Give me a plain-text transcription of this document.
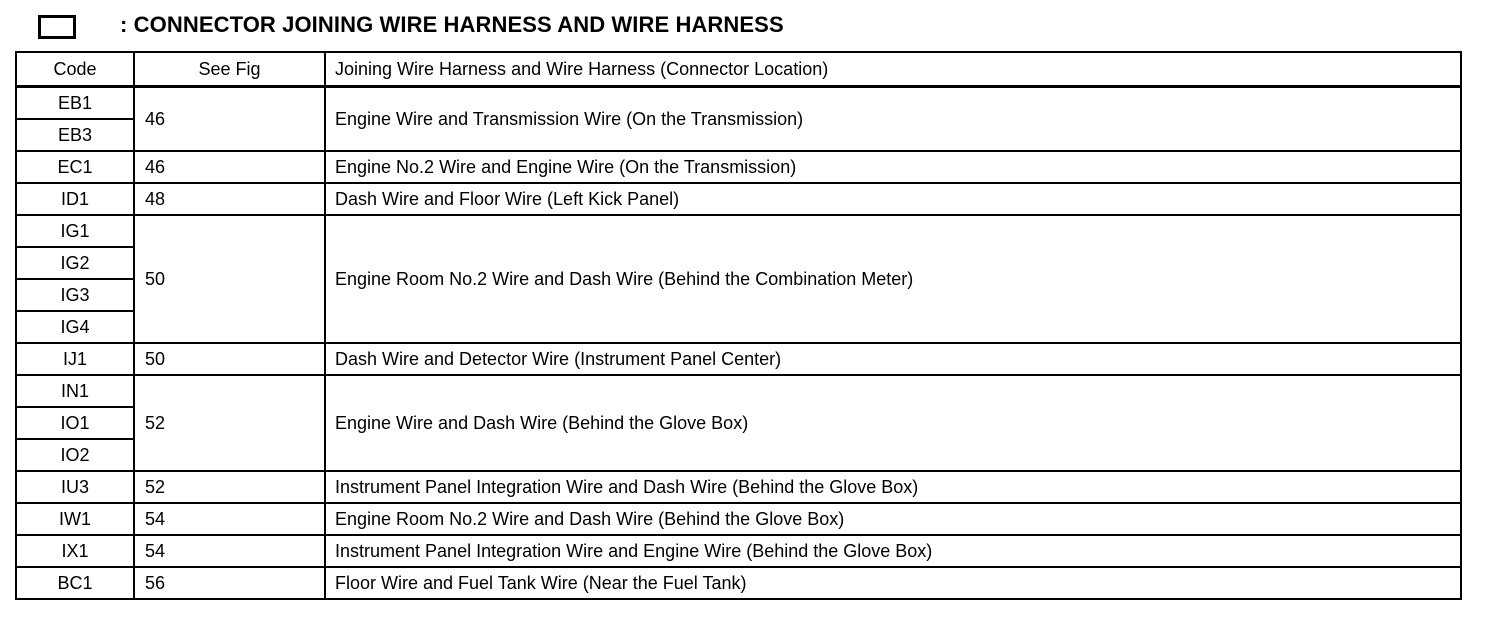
: CONNECTOR JOINING WIRE HARNESS AND WIRE HARNESS
Code	See Fig	Joining Wire Harness and Wire Harness (Connector Location)
EB1	46	Engine Wire and Transmission Wire (On the Transmission)
EB3		
EC1	46	Engine No.2 Wire and Engine Wire (On the Transmission)
ID1	48	Dash Wire and Floor Wire (Left Kick Panel)
IG1	50	Engine Room No.2 Wire and Dash Wire (Behind the Combination Meter)
IG2		
IG3		
IG4		
IJ1	50	Dash Wire and Detector Wire (Instrument Panel Center)
IN1	52	Engine Wire and Dash Wire (Behind the Glove Box)
IO1		
IO2		
IU3	52	Instrument Panel Integration Wire and Dash Wire (Behind the Glove Box)
IW1	54	Engine Room No.2 Wire and Dash Wire (Behind the Glove Box)
IX1	54	Instrument Panel Integration Wire and Engine Wire (Behind the Glove Box)
BC1	56	Floor Wire and Fuel Tank Wire (Near the Fuel Tank)
